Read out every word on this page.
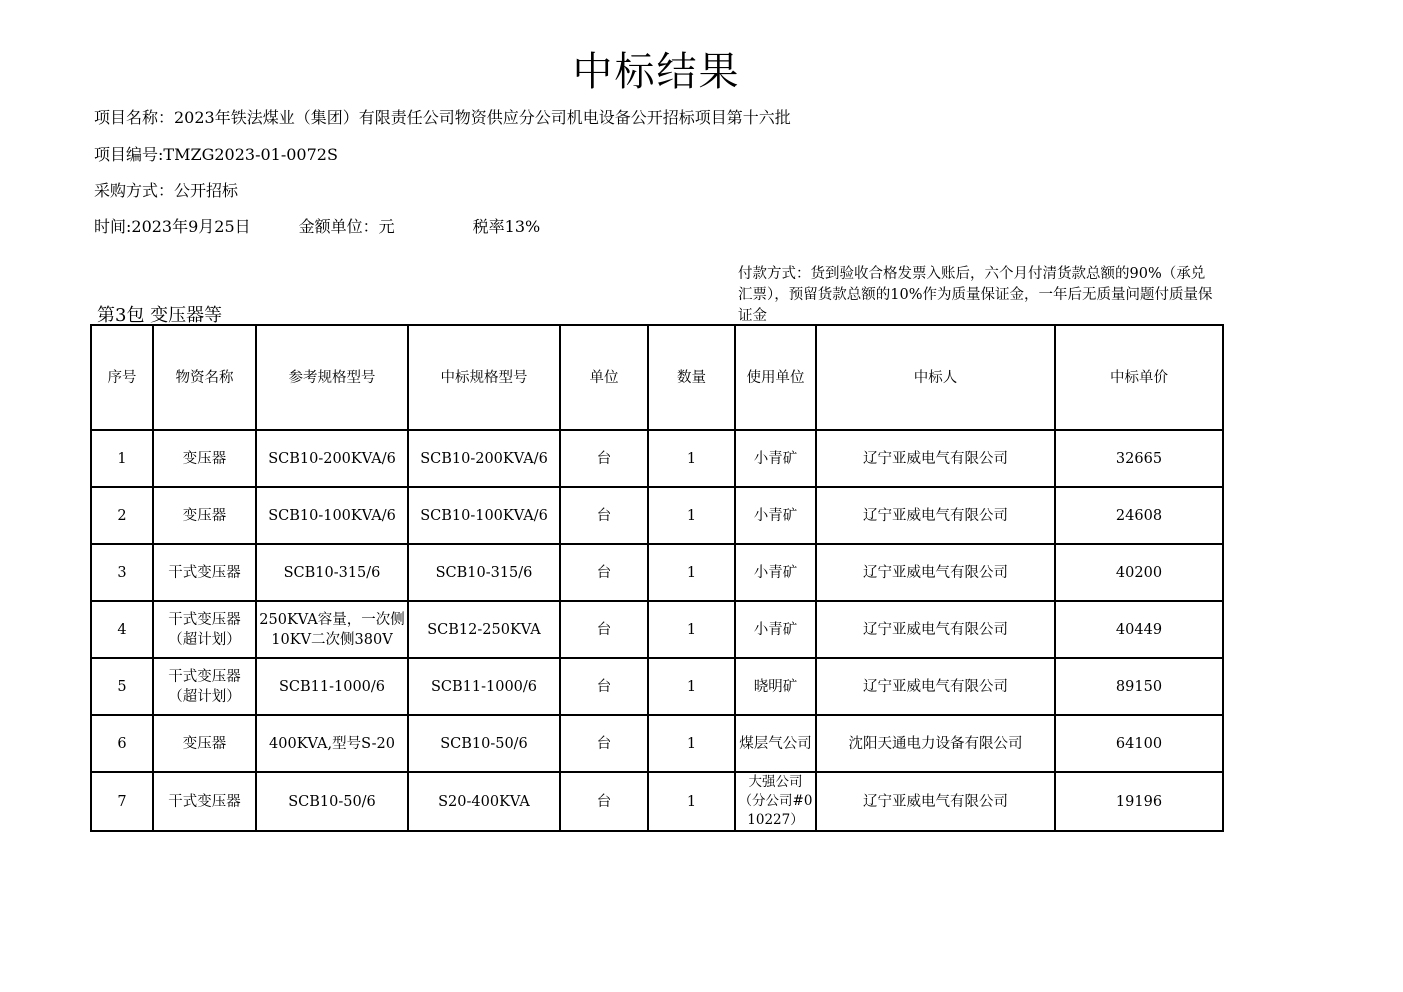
中标结果
项目名称：2023年铁法煤业（集团）有限责任公司物资供应分公司机电设备公开招标项目第十六批
项目编号:TMZG2023-01-0072S
采购方式：公开招标
时间:2023年9月25日	金额单位：元	税率13%
第3包 变压器等
付款方式：货到验收合格发票入账后，六个月付清货款总额的90%（承兑汇票），预留货款总额的10%作为质量保证金，一年后无质量问题付质量保证金
序号	物资名称	参考规格型号	中标规格型号	单位	数量	使用单位	中标人	中标单价
1	变压器	SCB10-200KVA/6	SCB10-200KVA/6	台	1	小青矿	辽宁亚威电气有限公司	32665
2	变压器	SCB10-100KVA/6	SCB10-100KVA/6	台	1	小青矿	辽宁亚威电气有限公司	24608
3	干式变压器	SCB10-315/6	SCB10-315/6	台	1	小青矿	辽宁亚威电气有限公司	40200
4	干式变压器（超计划）	250KVA容量，一次侧10KV二次侧380V	SCB12-250KVA	台	1	小青矿	辽宁亚威电气有限公司	40449
5	干式变压器（超计划）	SCB11-1000/6	SCB11-1000/6	台	1	晓明矿	辽宁亚威电气有限公司	89150
6	变压器	400KVA,型号S-20	SCB10-50/6	台	1	煤层气公司	沈阳天通电力设备有限公司	64100
7	干式变压器	SCB10-50/6	S20-400KVA	台	1	大强公司（分公司#010227）	辽宁亚威电气有限公司	19196
